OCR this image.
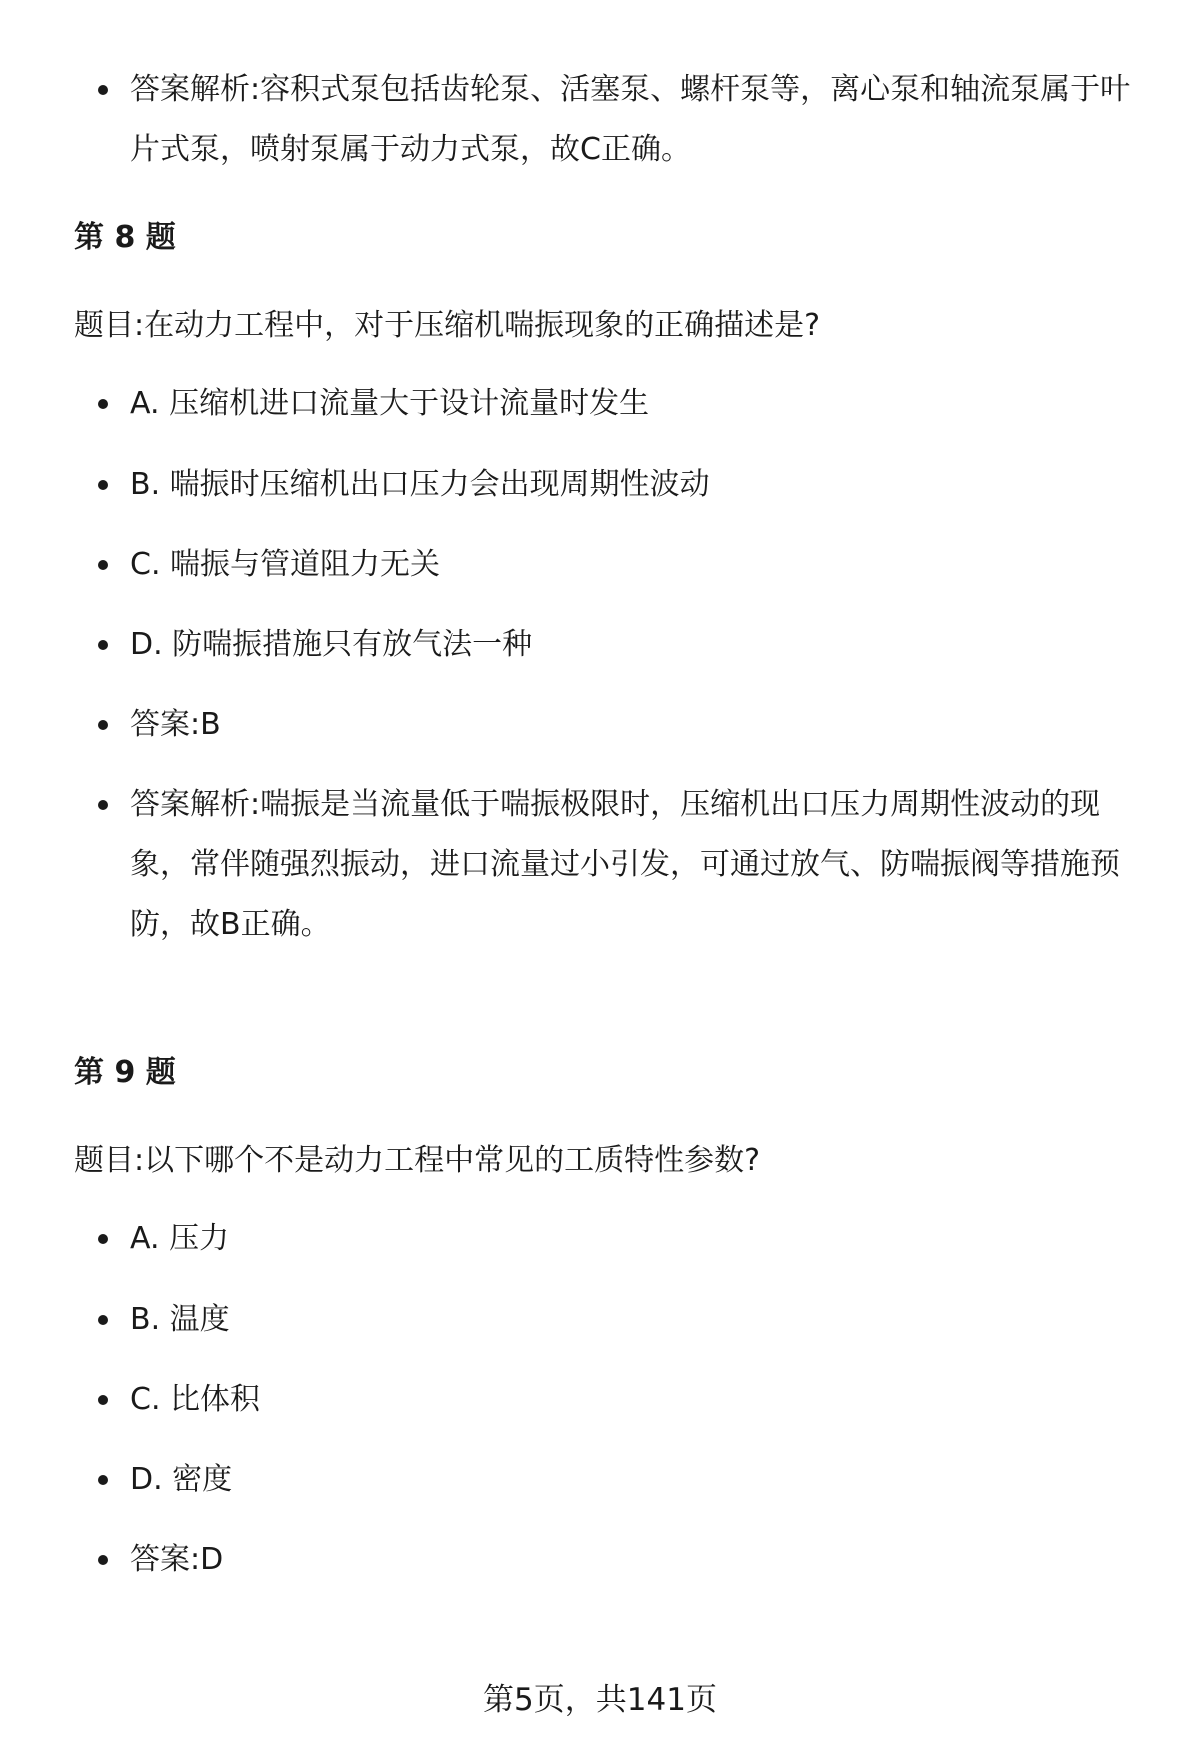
答案解析:容积式泵包括齿轮泵、活塞泵、螺杆泵等，离心泵和轴流泵属于叶片式泵，喷射泵属于动力式泵，故C正确。

第 8 题

题目:在动力工程中，对于压缩机喘振现象的正确描述是?

A. 压缩机进口流量大于设计流量时发生

B. 喘振时压缩机出口压力会出现周期性波动

C. 喘振与管道阻力无关

D. 防喘振措施只有放气法一种

答案:B

答案解析:喘振是当流量低于喘振极限时，压缩机出口压力周期性波动的现象，常伴随强烈振动，进口流量过小引发，可通过放气、防喘振阀等措施预防，故B正确。

第 9 题

题目:以下哪个不是动力工程中常见的工质特性参数?

A. 压力

B. 温度

C. 比体积

D. 密度

答案:D

第5页，共141页
